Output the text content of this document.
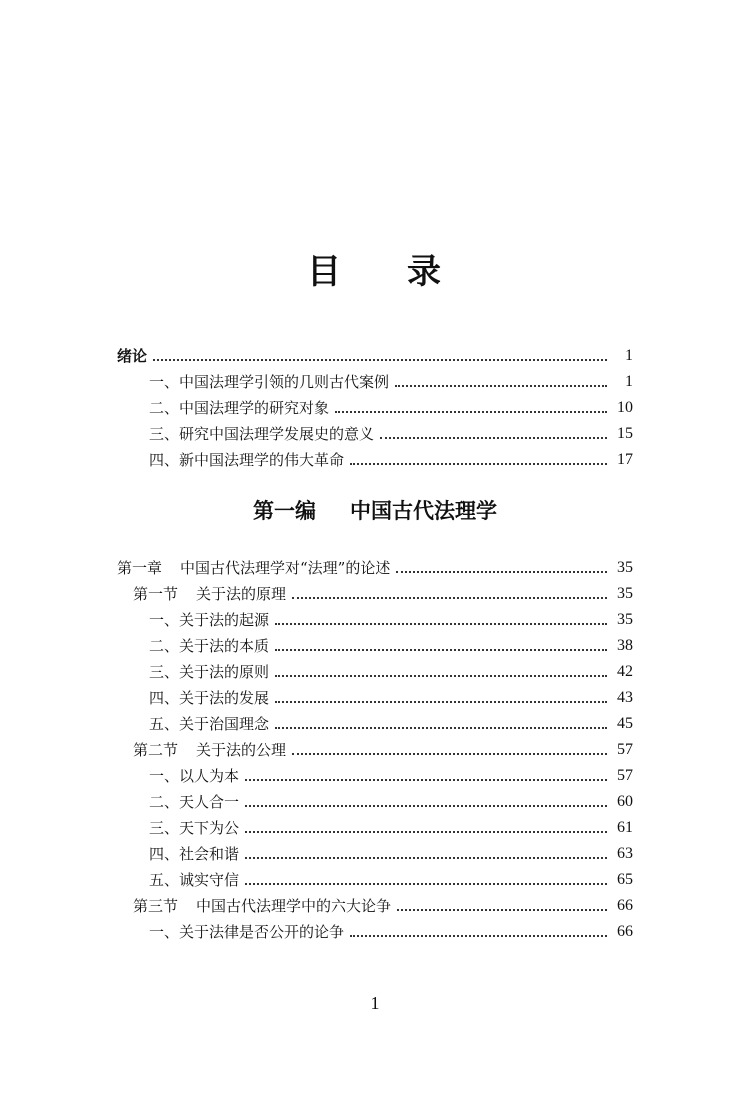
目 录
绪论	1
一、中国法理学引领的几则古代案例	1
二、中国法理学的研究对象	10
三、研究中国法理学发展史的意义	15
四、新中国法理学的伟大革命	17
第一编 中国古代法理学
第一章 中国古代法理学对“法理”的论述	35
第一节 关于法的原理	35
一、关于法的起源	35
二、关于法的本质	38
三、关于法的原则	42
四、关于法的发展	43
五、关于治国理念	45
第二节 关于法的公理	57
一、以人为本	57
二、天人合一	60
三、天下为公	61
四、社会和谐	63
五、诚实守信	65
第三节 中国古代法理学中的六大论争	66
一、关于法律是否公开的论争	66
1
